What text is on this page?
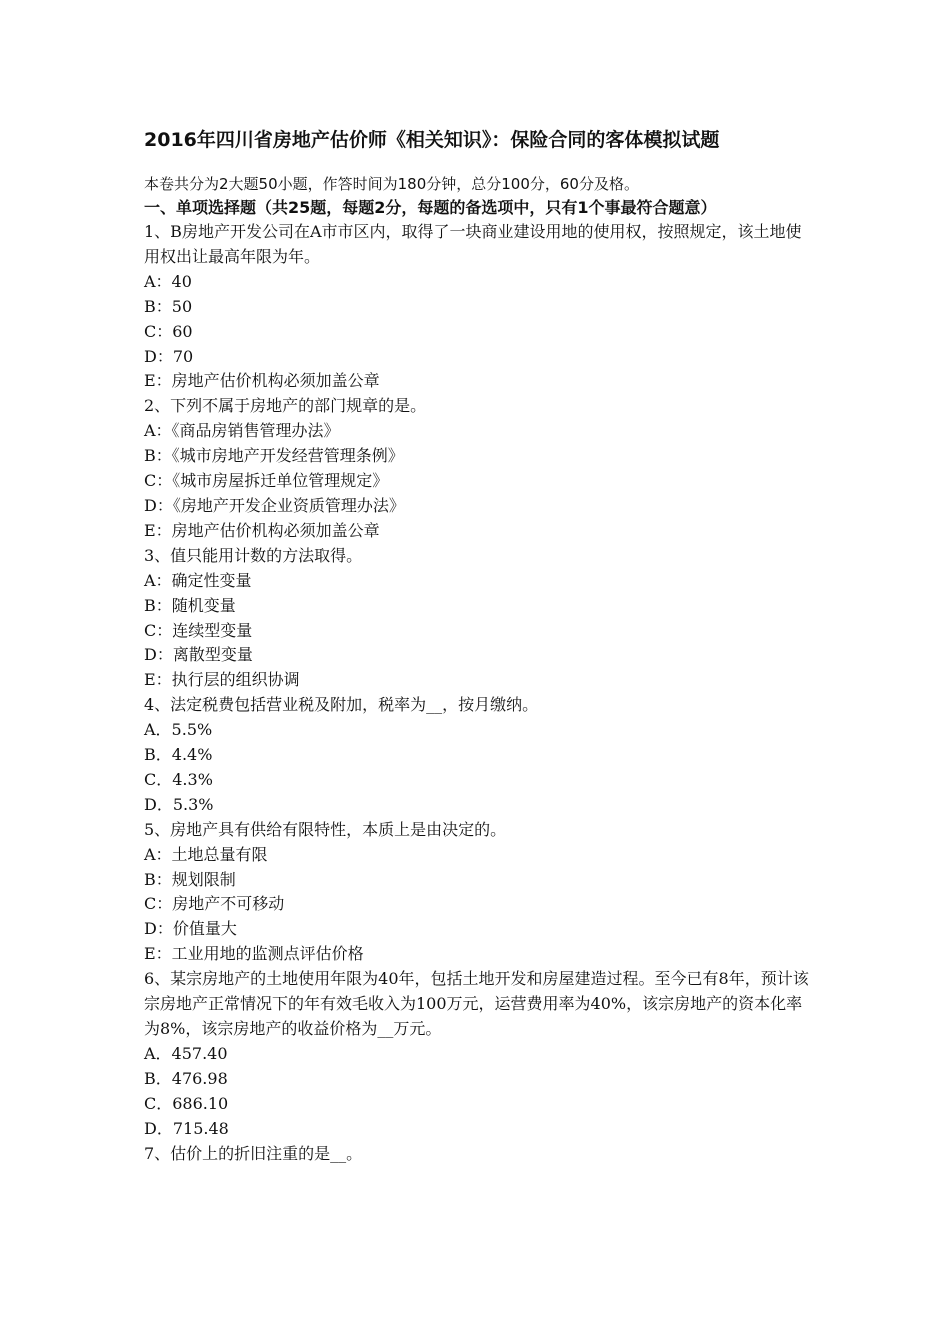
2016年四川省房地产估价师《相关知识》：保险合同的客体模拟试题
本卷共分为2大题50小题，作答时间为180分钟，总分100分，60分及格。
一、单项选择题（共25题，每题2分，每题的备选项中，只有1个事最符合题意）
1、B房地产开发公司在A市市区内，取得了一块商业建设用地的使用权，按照规定，该土地使用权出让最高年限为年。
A：40
B：50
C：60
D：70
E：房地产估价机构必须加盖公章
2、下列不属于房地产的部门规章的是。
A：《商品房销售管理办法》
B：《城市房地产开发经营管理条例》
C：《城市房屋拆迁单位管理规定》
D：《房地产开发企业资质管理办法》
E：房地产估价机构必须加盖公章
3、值只能用计数的方法取得。
A：确定性变量
B：随机变量
C：连续型变量
D：离散型变量
E：执行层的组织协调
4、法定税费包括营业税及附加，税率为__，按月缴纳。
A．5.5%
B．4.4%
C．4.3%
D．5.3%
5、房地产具有供给有限特性，本质上是由决定的。
A：土地总量有限
B：规划限制
C：房地产不可移动
D：价值量大
E：工业用地的监测点评估价格
6、某宗房地产的土地使用年限为40年，包括土地开发和房屋建造过程。至今已有8年，预计该宗房地产正常情况下的年有效毛收入为100万元，运营费用率为40%，该宗房地产的资本化率为8%，该宗房地产的收益价格为__万元。
A．457.40
B．476.98
C．686.10
D．715.48
7、估价上的折旧注重的是__。
